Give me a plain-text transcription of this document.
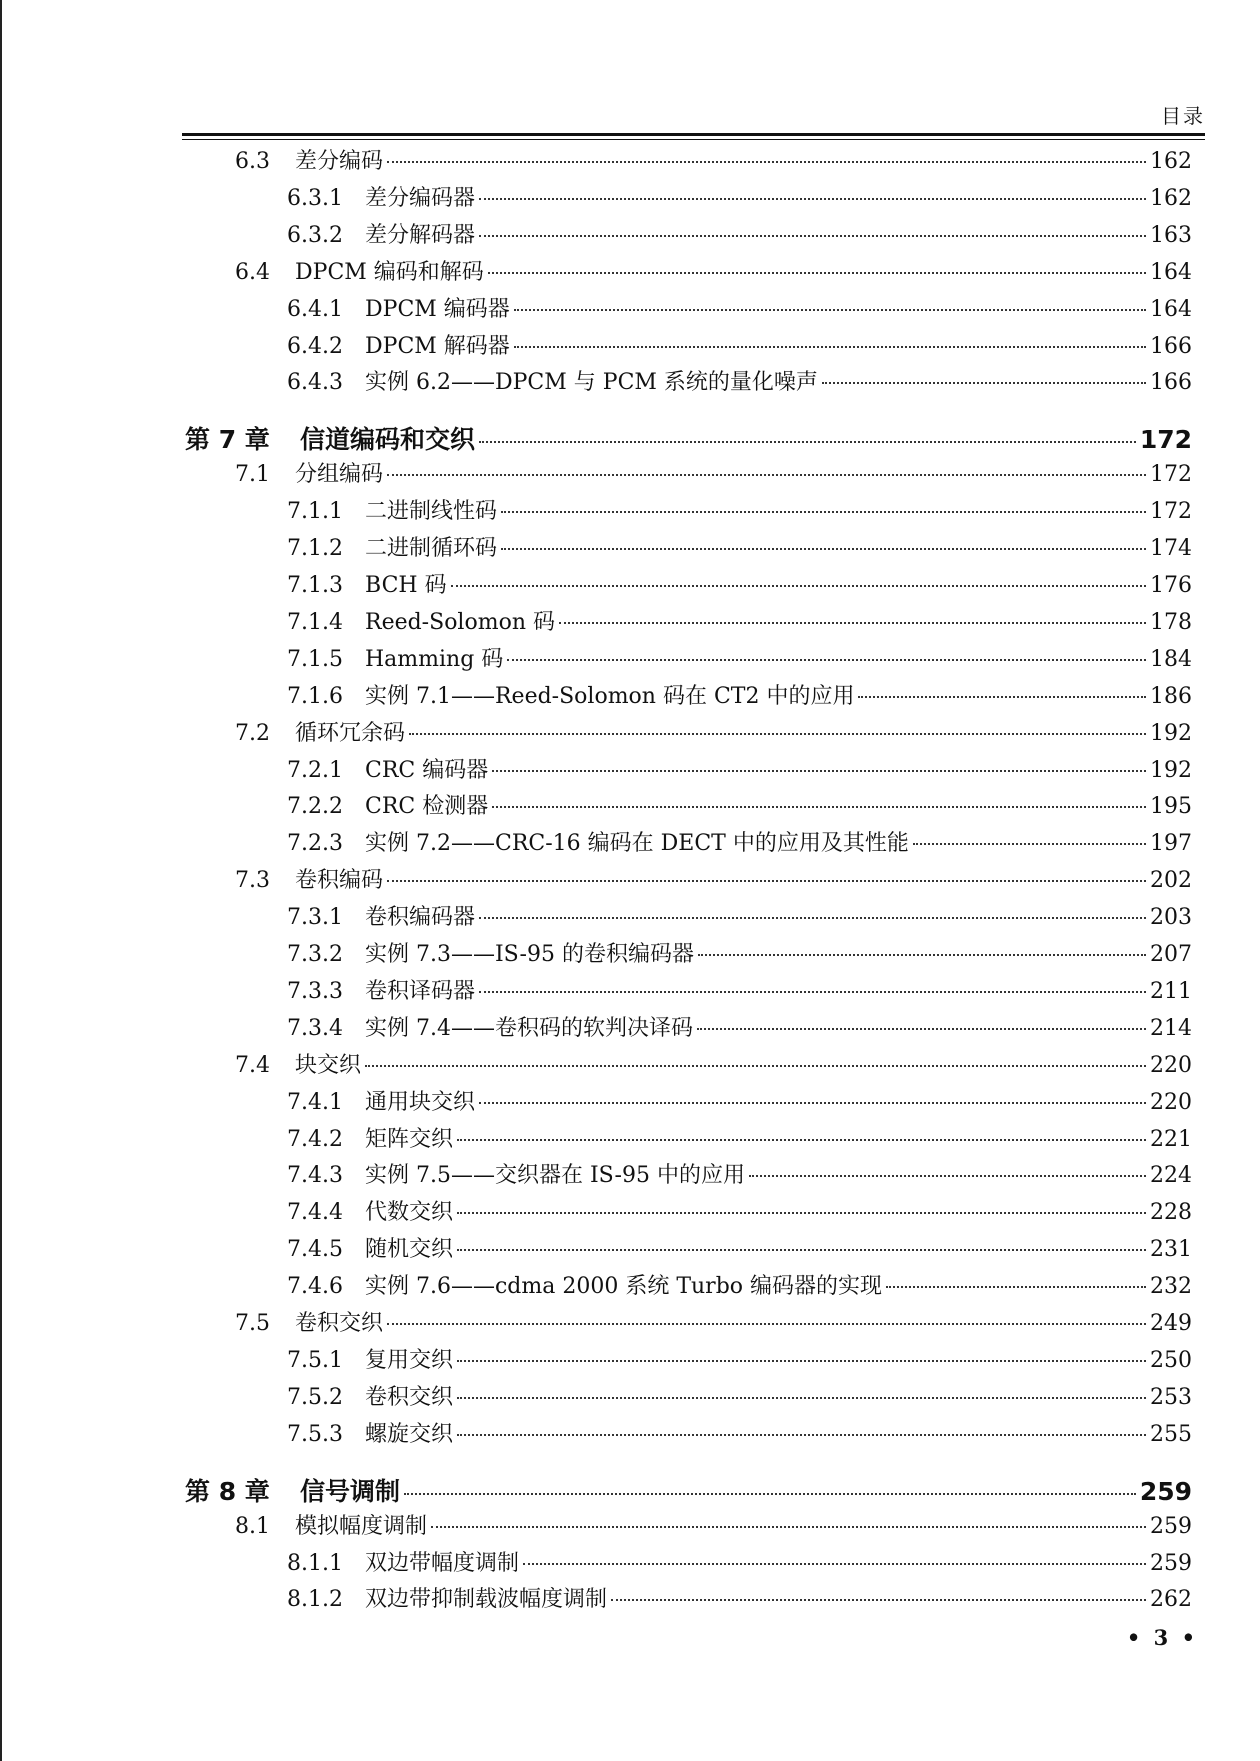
目录
6.3	差分编码	162
6.3.1	差分编码器	162
6.3.2	差分解码器	163
6.4	DPCM 编码和解码	164
6.4.1	DPCM 编码器	164
6.4.2	DPCM 解码器	166
6.4.3	实例 6.2——DPCM 与 PCM 系统的量化噪声	166
第 7 章	信道编码和交织	172
7.1	分组编码	172
7.1.1	二进制线性码	172
7.1.2	二进制循环码	174
7.1.3	BCH 码	176
7.1.4	Reed-Solomon 码	178
7.1.5	Hamming 码	184
7.1.6	实例 7.1——Reed-Solomon 码在 CT2 中的应用	186
7.2	循环冗余码	192
7.2.1	CRC 编码器	192
7.2.2	CRC 检测器	195
7.2.3	实例 7.2——CRC-16 编码在 DECT 中的应用及其性能	197
7.3	卷积编码	202
7.3.1	卷积编码器	203
7.3.2	实例 7.3——IS-95 的卷积编码器	207
7.3.3	卷积译码器	211
7.3.4	实例 7.4——卷积码的软判决译码	214
7.4	块交织	220
7.4.1	通用块交织	220
7.4.2	矩阵交织	221
7.4.3	实例 7.5——交织器在 IS-95 中的应用	224
7.4.4	代数交织	228
7.4.5	随机交织	231
7.4.6	实例 7.6——cdma 2000 系统 Turbo 编码器的实现	232
7.5	卷积交织	249
7.5.1	复用交织	250
7.5.2	卷积交织	253
7.5.3	螺旋交织	255
第 8 章	信号调制	259
8.1	模拟幅度调制	259
8.1.1	双边带幅度调制	259
8.1.2	双边带抑制载波幅度调制	262
• 3 •
